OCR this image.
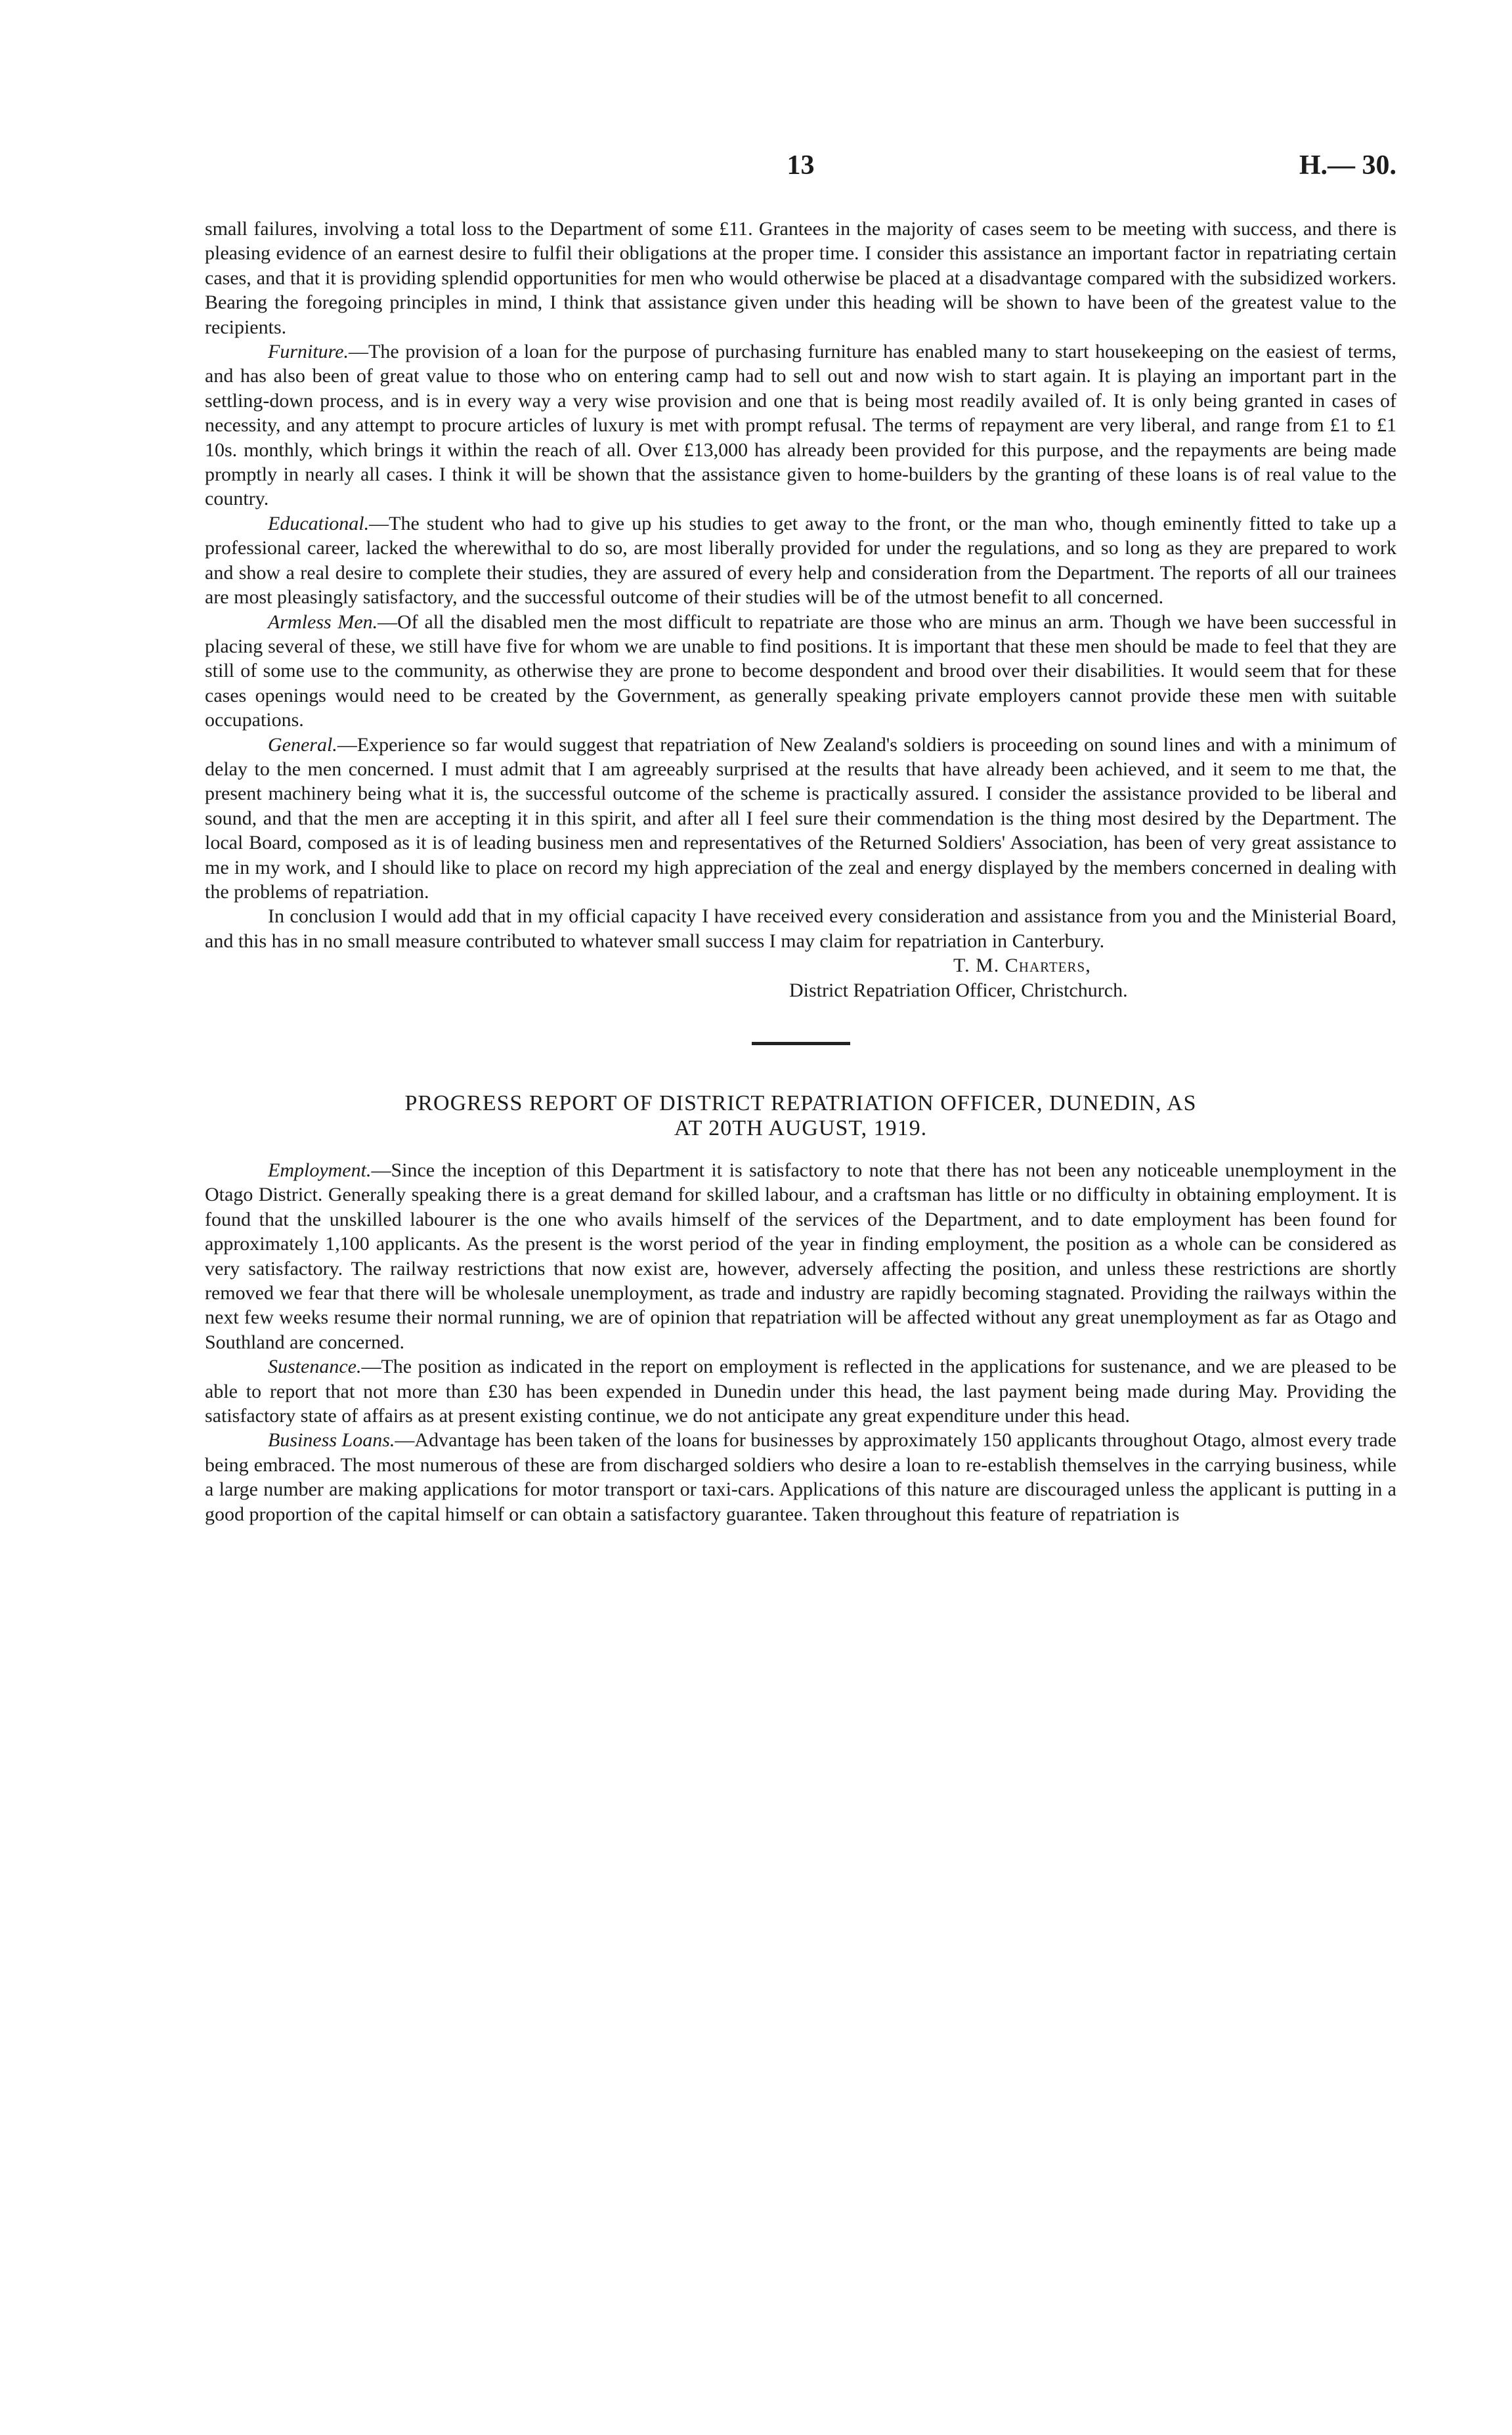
13	H.— 30.

small failures, involving a total loss to the Department of some £11. Grantees in the majority of cases seem to be meeting with success, and there is pleasing evidence of an earnest desire to fulfil their obligations at the proper time. I consider this assistance an important factor in repatriating certain cases, and that it is providing splendid opportunities for men who would otherwise be placed at a disadvantage compared with the subsidized workers. Bearing the foregoing principles in mind, I think that assistance given under this heading will be shown to have been of the greatest value to the recipients.

Furniture.—The provision of a loan for the purpose of purchasing furniture has enabled many to start housekeeping on the easiest of terms, and has also been of great value to those who on entering camp had to sell out and now wish to start again. It is playing an important part in the settling-down process, and is in every way a very wise provision and one that is being most readily availed of. It is only being granted in cases of necessity, and any attempt to procure articles of luxury is met with prompt refusal. The terms of repayment are very liberal, and range from £1 to £1 10s. monthly, which brings it within the reach of all. Over £13,000 has already been provided for this purpose, and the repayments are being made promptly in nearly all cases. I think it will be shown that the assistance given to home-builders by the granting of these loans is of real value to the country.

Educational.—The student who had to give up his studies to get away to the front, or the man who, though eminently fitted to take up a professional career, lacked the wherewithal to do so, are most liberally provided for under the regulations, and so long as they are prepared to work and show a real desire to complete their studies, they are assured of every help and consideration from the Department. The reports of all our trainees are most pleasingly satisfactory, and the successful outcome of their studies will be of the utmost benefit to all concerned.

Armless Men.—Of all the disabled men the most difficult to repatriate are those who are minus an arm. Though we have been successful in placing several of these, we still have five for whom we are unable to find positions. It is important that these men should be made to feel that they are still of some use to the community, as otherwise they are prone to become despondent and brood over their disabilities. It would seem that for these cases openings would need to be created by the Government, as generally speaking private employers cannot provide these men with suitable occupations.

General.—Experience so far would suggest that repatriation of New Zealand's soldiers is proceeding on sound lines and with a minimum of delay to the men concerned. I must admit that I am agreeably surprised at the results that have already been achieved, and it seem to me that, the present machinery being what it is, the successful outcome of the scheme is practically assured. I consider the assistance provided to be liberal and sound, and that the men are accepting it in this spirit, and after all I feel sure their commendation is the thing most desired by the Department. The local Board, composed as it is of leading business men and representatives of the Returned Soldiers' Association, has been of very great assistance to me in my work, and I should like to place on record my high appreciation of the zeal and energy displayed by the members concerned in dealing with the problems of repatriation.

In conclusion I would add that in my official capacity I have received every consideration and assistance from you and the Ministerial Board, and this has in no small measure contributed to whatever small success I may claim for repatriation in Canterbury.

T. M. Charters,
District Repatriation Officer, Christchurch.
PROGRESS REPORT OF DISTRICT REPATRIATION OFFICER, DUNEDIN, AS
AT 20TH AUGUST, 1919.

Employment.—Since the inception of this Department it is satisfactory to note that there has not been any noticeable unemployment in the Otago District. Generally speaking there is a great demand for skilled labour, and a craftsman has little or no difficulty in obtaining employment. It is found that the unskilled labourer is the one who avails himself of the services of the Department, and to date employment has been found for approximately 1,100 applicants. As the present is the worst period of the year in finding employment, the position as a whole can be considered as very satisfactory. The railway restrictions that now exist are, however, adversely affecting the position, and unless these restrictions are shortly removed we fear that there will be wholesale unemployment, as trade and industry are rapidly becoming stagnated. Providing the railways within the next few weeks resume their normal running, we are of opinion that repatriation will be affected without any great unemployment as far as Otago and Southland are concerned.

Sustenance.—The position as indicated in the report on employment is reflected in the applications for sustenance, and we are pleased to be able to report that not more than £30 has been expended in Dunedin under this head, the last payment being made during May. Providing the satisfactory state of affairs as at present existing continue, we do not anticipate any great expenditure under this head.

Business Loans.—Advantage has been taken of the loans for businesses by approximately 150 applicants throughout Otago, almost every trade being embraced. The most numerous of these are from discharged soldiers who desire a loan to re-establish themselves in the carrying business, while a large number are making applications for motor transport or taxi-cars. Applications of this nature are discouraged unless the applicant is putting in a good proportion of the capital himself or can obtain a satisfactory guarantee. Taken throughout this feature of repatriation is
